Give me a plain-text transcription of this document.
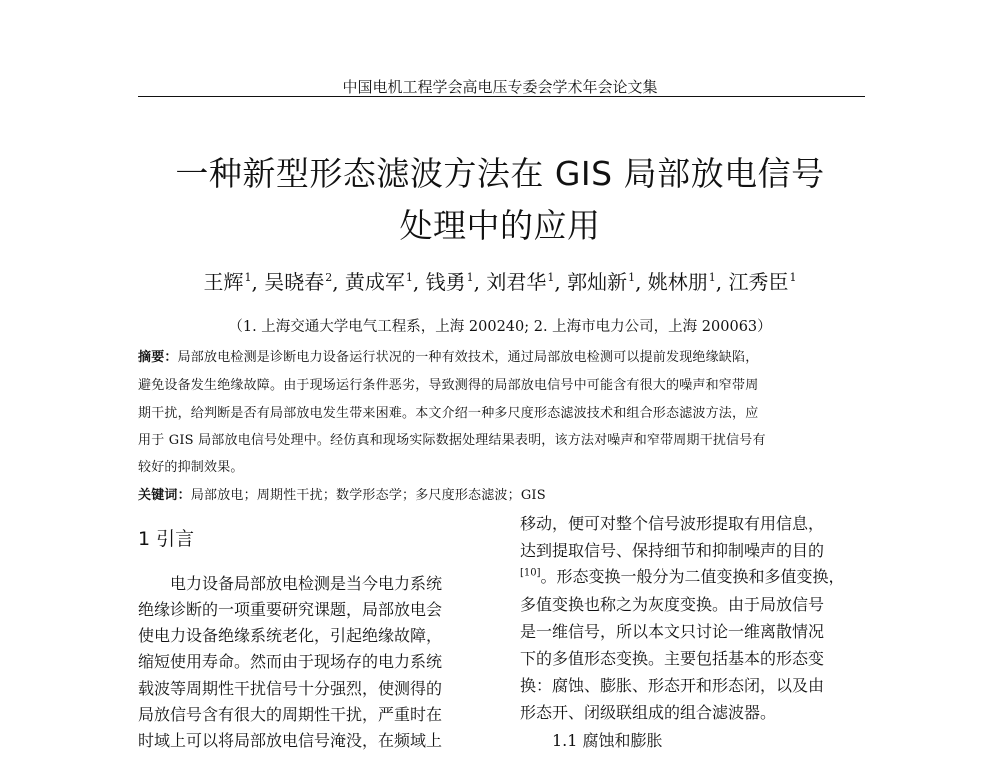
中国电机工程学会高电压专委会学术年会论文集
一种新型形态滤波方法在 GIS 局部放电信号
处理中的应用
王辉$^1$, 吴晓春$^2$, 黄成军$^1$, 钱勇$^1$, 刘君华$^1$, 郭灿新$^1$, 姚林朋$^1$, 江秀臣$^1$
（1. 上海交通大学电气工程系，上海 200240; 2. 上海市电力公司，上海 200063）
摘要：局部放电检测是诊断电力设备运行状况的一种有效技术，通过局部放电检测可以提前发现绝缘缺陷，
避免设备发生绝缘故障。由于现场运行条件恶劣，导致测得的局部放电信号中可能含有很大的噪声和窄带周
期干扰，给判断是否有局部放电发生带来困难。本文介绍一种多尺度形态滤波技术和组合形态滤波方法，应
用于 GIS 局部放电信号处理中。经仿真和现场实际数据处理结果表明，该方法对噪声和窄带周期干扰信号有
较好的抑制效果。
关键词：局部放电；周期性干扰；数学形态学；多尺度形态滤波；GIS
1 引言
电力设备局部放电检测是当今电力系统
绝缘诊断的一项重要研究课题，局部放电会
使电力设备绝缘系统老化，引起绝缘故障，
缩短使用寿命。然而由于现场存的电力系统
载波等周期性干扰信号十分强烈，使测得的
局放信号含有很大的周期性干扰，严重时在
时域上可以将局部放电信号淹没，在频域上
移动，便可对整个信号波形提取有用信息，
达到提取信号、保持细节和抑制噪声的目的
[10]。形态变换一般分为二值变换和多值变换，
多值变换也称之为灰度变换。由于局放信号
是一维信号，所以本文只讨论一维离散情况
下的多值形态变换。主要包括基本的形态变
换：腐蚀、膨胀、形态开和形态闭，以及由
形态开、闭级联组成的组合滤波器。
1.1 腐蚀和膨胀
